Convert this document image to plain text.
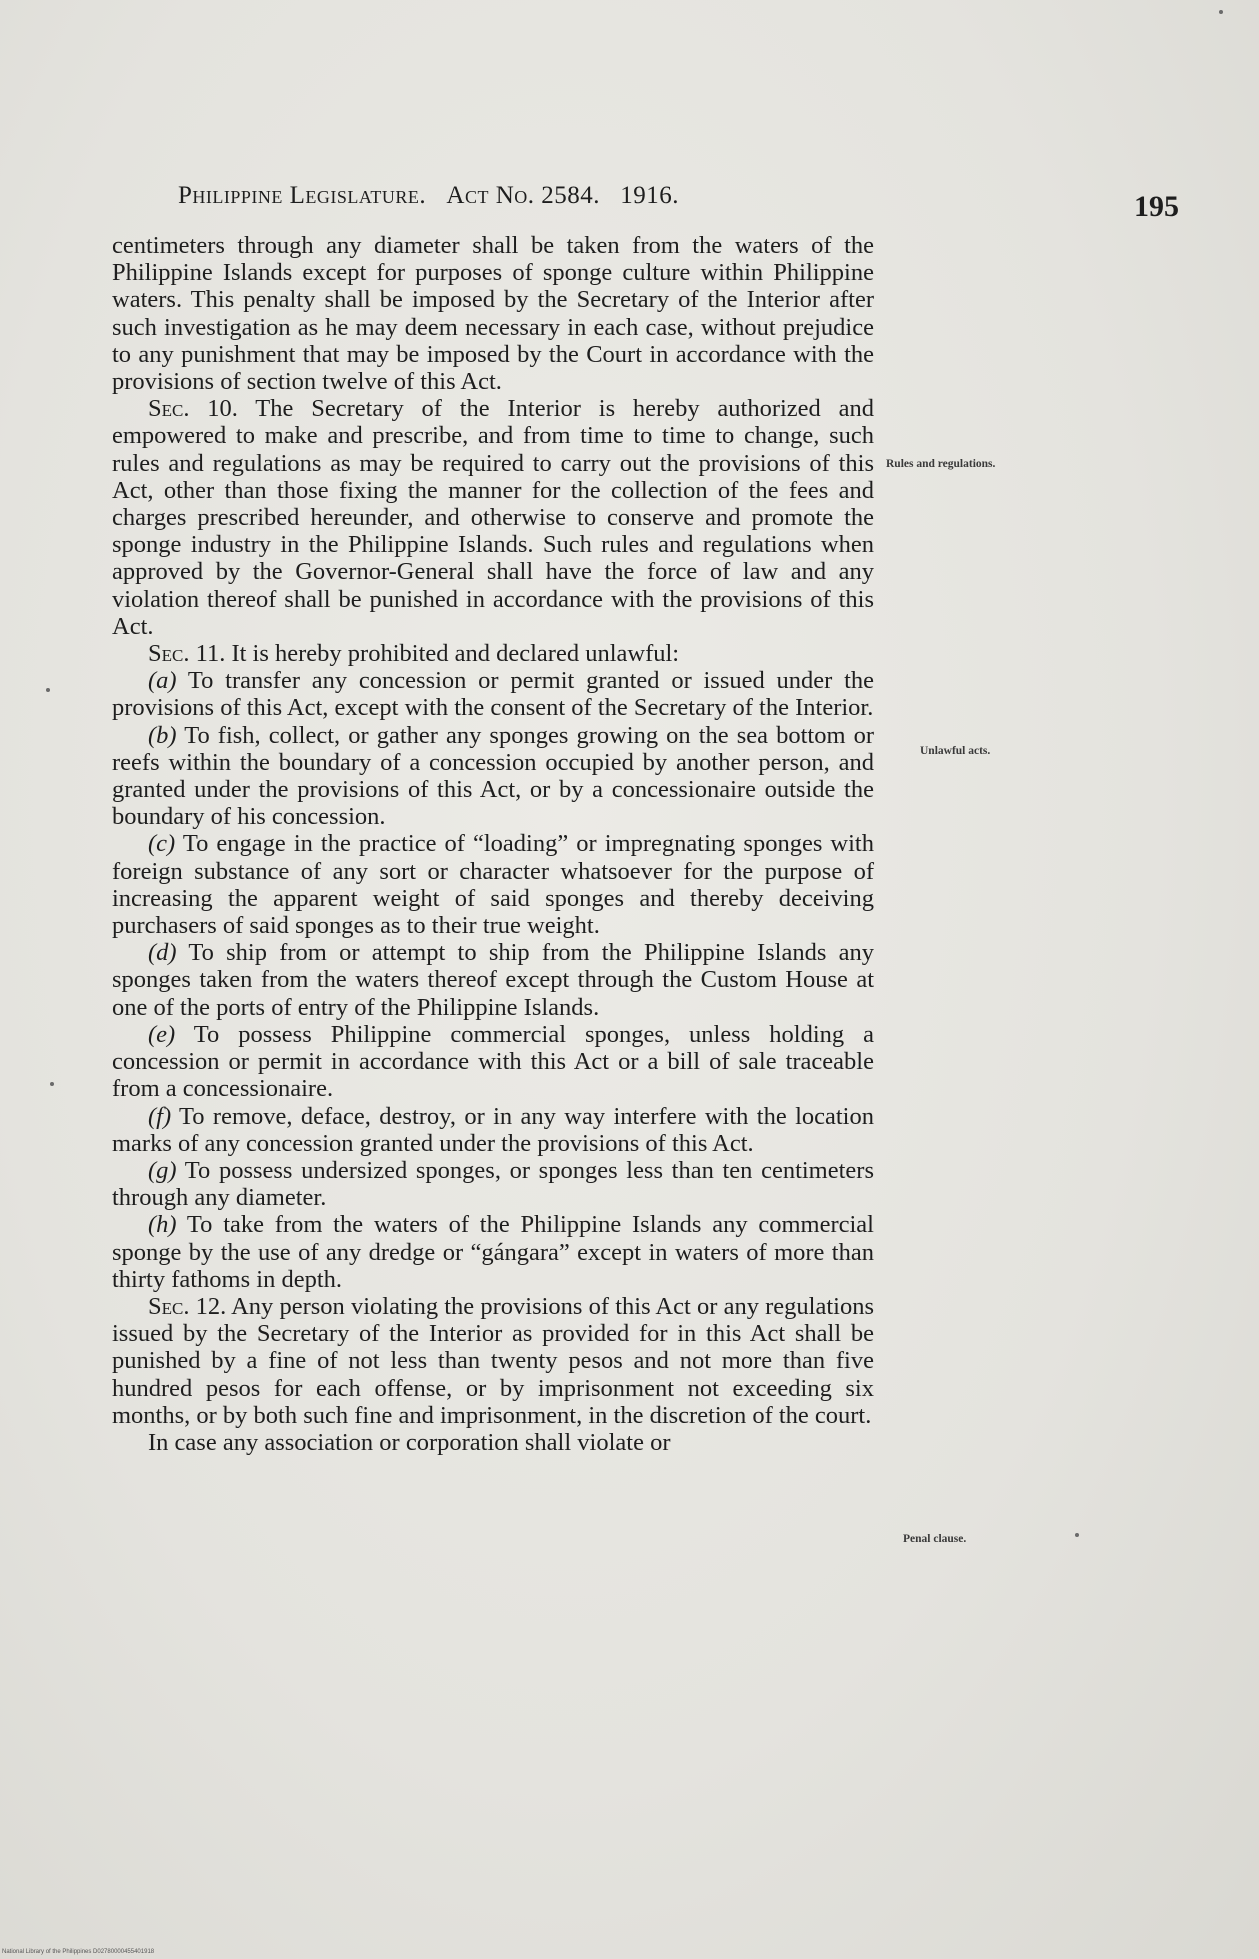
Philippine Legislature. Act No. 2584. 1916.	195

centimeters through any diameter shall be taken from the waters of the Philippine Islands except for purposes of sponge culture within Philippine waters. This penalty shall be imposed by the Secretary of the Interior after such investigation as he may deem necessary in each case, without prejudice to any punishment that may be imposed by the Court in accordance with the provisions of section twelve of this Act.

Sec. 10. The Secretary of the Interior is hereby authorized and empowered to make and prescribe, and from time to time to change, such rules and regulations as may be required to carry out the provisions of this Act, other than those fixing the manner for the collection of the fees and charges prescribed hereunder, and otherwise to conserve and promote the sponge industry in the Philippine Islands. Such rules and regulations when approved by the Governor-General shall have the force of law and any violation thereof shall be punished in accordance with the provisions of this Act.

Sec. 11. It is hereby prohibited and declared unlawful:

(a) To transfer any concession or permit granted or issued under the provisions of this Act, except with the consent of the Secretary of the Interior.

(b) To fish, collect, or gather any sponges growing on the sea bottom or reefs within the boundary of a concession occupied by another person, and granted under the provisions of this Act, or by a concessionaire outside the boundary of his concession.

(c) To engage in the practice of “loading” or impregnating sponges with foreign substance of any sort or character whatsoever for the purpose of increasing the apparent weight of said sponges and thereby deceiving purchasers of said sponges as to their true weight.

(d) To ship from or attempt to ship from the Philippine Islands any sponges taken from the waters thereof except through the Custom House at one of the ports of entry of the Philippine Islands.

(e) To possess Philippine commercial sponges, unless holding a concession or permit in accordance with this Act or a bill of sale traceable from a concessionaire.

(f) To remove, deface, destroy, or in any way interfere with the location marks of any concession granted under the provisions of this Act.

(g) To possess undersized sponges, or sponges less than ten centimeters through any diameter.

(h) To take from the waters of the Philippine Islands any commercial sponge by the use of any dredge or “gángara” except in waters of more than thirty fathoms in depth.

Sec. 12. Any person violating the provisions of this Act or any regulations issued by the Secretary of the Interior as provided for in this Act shall be punished by a fine of not less than twenty pesos and not more than five hundred pesos for each offense, or by imprisonment not exceeding six months, or by both such fine and imprisonment, in the discretion of the court.

In case any association or corporation shall violate or

Rules and regulations.
Unlawful acts.
Penal clause.
National Library of the Philippines D02780000455401918
